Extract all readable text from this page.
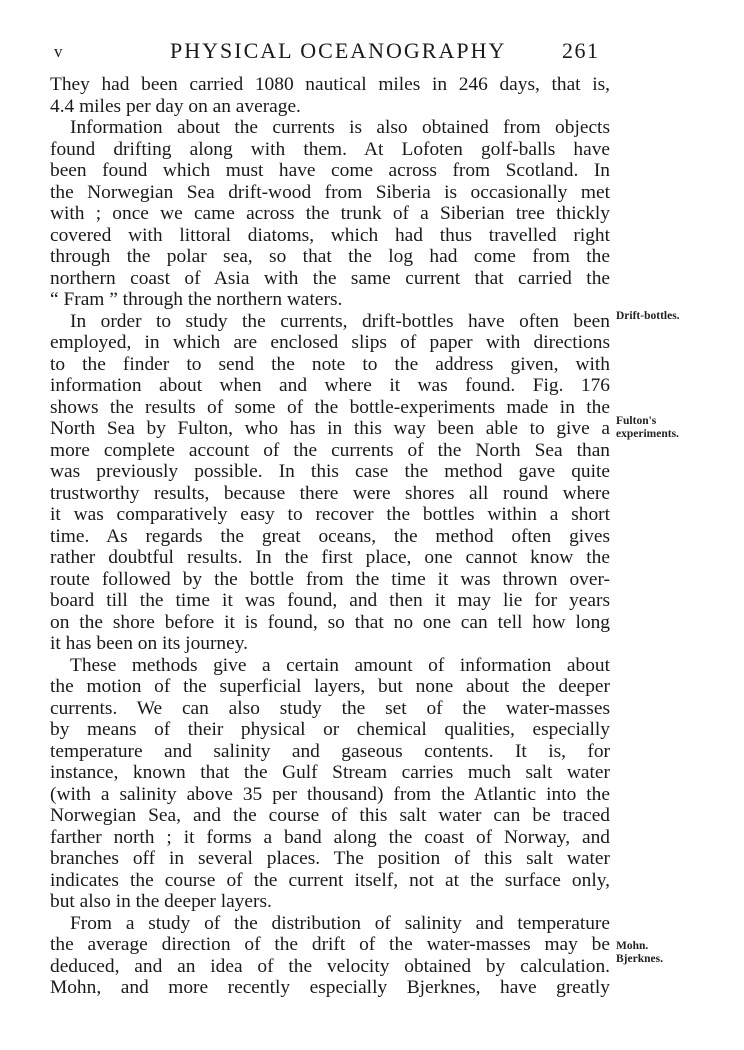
v	PHYSICAL OCEANOGRAPHY	261
They had been carried 1080 nautical miles in 246 days, that is,
4.4 miles per day on an average.
Information about the currents is also obtained from objects
found drifting along with them. At Lofoten golf-balls have
been found which must have come across from Scotland. In
the Norwegian Sea drift-wood from Siberia is occasionally met
with ; once we came across the trunk of a Siberian tree thickly
covered with littoral diatoms, which had thus travelled right
through the polar sea, so that the log had come from the
northern coast of Asia with the same current that carried the
“ Fram ” through the northern waters.
In order to study the currents, drift-bottles have often been
employed, in which are enclosed slips of paper with directions
to the finder to send the note to the address given, with
information about when and where it was found. Fig. 176
shows the results of some of the bottle-experiments made in the
North Sea by Fulton, who has in this way been able to give a
more complete account of the currents of the North Sea than
was previously possible. In this case the method gave quite
trustworthy results, because there were shores all round where
it was comparatively easy to recover the bottles within a short
time. As regards the great oceans, the method often gives
rather doubtful results. In the first place, one cannot know the
route followed by the bottle from the time it was thrown over-
board till the time it was found, and then it may lie for years
on the shore before it is found, so that no one can tell how long
it has been on its journey.
These methods give a certain amount of information about
the motion of the superficial layers, but none about the deeper
currents. We can also study the set of the water-masses
by means of their physical or chemical qualities, especially
temperature and salinity and gaseous contents. It is, for
instance, known that the Gulf Stream carries much salt water
(with a salinity above 35 per thousand) from the Atlantic into the
Norwegian Sea, and the course of this salt water can be traced
farther north ; it forms a band along the coast of Norway, and
branches off in several places. The position of this salt water
indicates the course of the current itself, not at the surface only,
but also in the deeper layers.
From a study of the distribution of salinity and temperature
the average direction of the drift of the water-masses may be
deduced, and an idea of the velocity obtained by calculation.
Mohn, and more recently especially Bjerknes, have greatly
Drift-bottles.
Fulton's
experiments.
Mohn.
Bjerknes.
